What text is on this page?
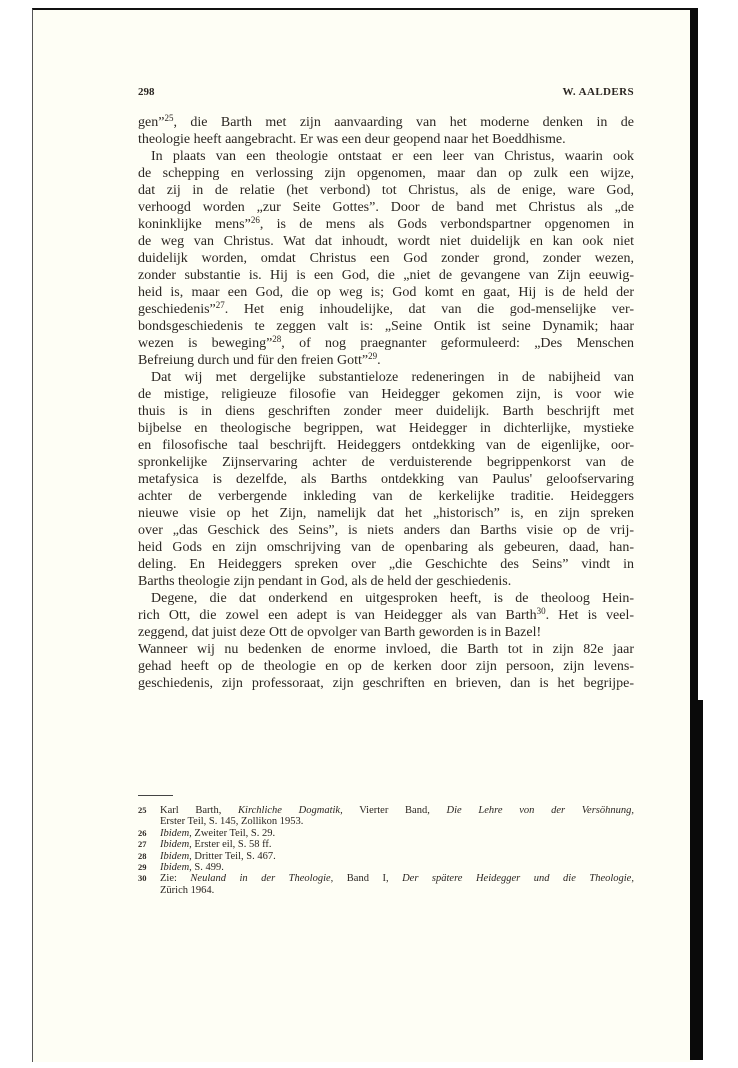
298	W. AALDERS
gen”$^{25}$, die Barth met zijn aanvaarding van het moderne denken in de
theologie heeft aangebracht. Er was een deur geopend naar het Boeddhisme.
In plaats van een theologie ontstaat er een leer van Christus, waarin ook
de schepping en verlossing zijn opgenomen, maar dan op zulk een wijze,
dat zij in de relatie (het verbond) tot Christus, als de enige, ware God,
verhoogd worden „zur Seite Gottes”. Door de band met Christus als „de
koninklijke mens”$^{26}$, is de mens als Gods verbondspartner opgenomen in
de weg van Christus. Wat dat inhoudt, wordt niet duidelijk en kan ook niet
duidelijk worden, omdat Christus een God zonder grond, zonder wezen,
zonder substantie is. Hij is een God, die „niet de gevangene van Zijn eeuwig-
heid is, maar een God, die op weg is; God komt en gaat, Hij is de held der
geschiedenis”$^{27}$. Het enig inhoudelijke, dat van die god-menselijke ver-
bondsgeschiedenis te zeggen valt is: „Seine Ontik ist seine Dynamik; haar
wezen is beweging”$^{28}$, of nog praegnanter geformuleerd: „Des Menschen
Befreiung durch und für den freien Gott”$^{29}$.
Dat wij met dergelijke substantieloze redeneringen in de nabijheid van
de mistige, religieuze filosofie van Heidegger gekomen zijn, is voor wie
thuis is in diens geschriften zonder meer duidelijk. Barth beschrijft met
bijbelse en theologische begrippen, wat Heidegger in dichterlijke, mystieke
en filosofische taal beschrijft. Heideggers ontdekking van de eigenlijke, oor-
spronkelijke Zijnservaring achter de verduisterende begrippenkorst van de
metafysica is dezelfde, als Barths ontdekking van Paulus' geloofservaring
achter de verbergende inkleding van de kerkelijke traditie. Heideggers
nieuwe visie op het Zijn, namelijk dat het „historisch” is, en zijn spreken
over „das Geschick des Seins”, is niets anders dan Barths visie op de vrij-
heid Gods en zijn omschrijving van de openbaring als gebeuren, daad, han-
deling. En Heideggers spreken over „die Geschichte des Seins” vindt in
Barths theologie zijn pendant in God, als de held der geschiedenis.
Degene, die dat onderkend en uitgesproken heeft, is de theoloog Hein-
rich Ott, die zowel een adept is van Heidegger als van Barth$^{30}$. Het is veel-
zeggend, dat juist deze Ott de opvolger van Barth geworden is in Bazel!
Wanneer wij nu bedenken de enorme invloed, die Barth tot in zijn 82e jaar
gehad heeft op de theologie en op de kerken door zijn persoon, zijn levens-
geschiedenis, zijn professoraat, zijn geschriften en brieven, dan is het begrijpe-
25 Karl Barth, Kirchliche Dogmatik, Vierter Band, Die Lehre von der Versöhnung,
Erster Teil, S. 145, Zollikon 1953.
26 Ibidem, Zweiter Teil, S. 29.
27 Ibidem, Erster eil, S. 58 ff.
28 Ibidem, Dritter Teil, S. 467.
29 Ibidem, S. 499.
30 Zie: Neuland in der Theologie, Band I, Der spätere Heidegger und die Theologie,
Zürich 1964.
